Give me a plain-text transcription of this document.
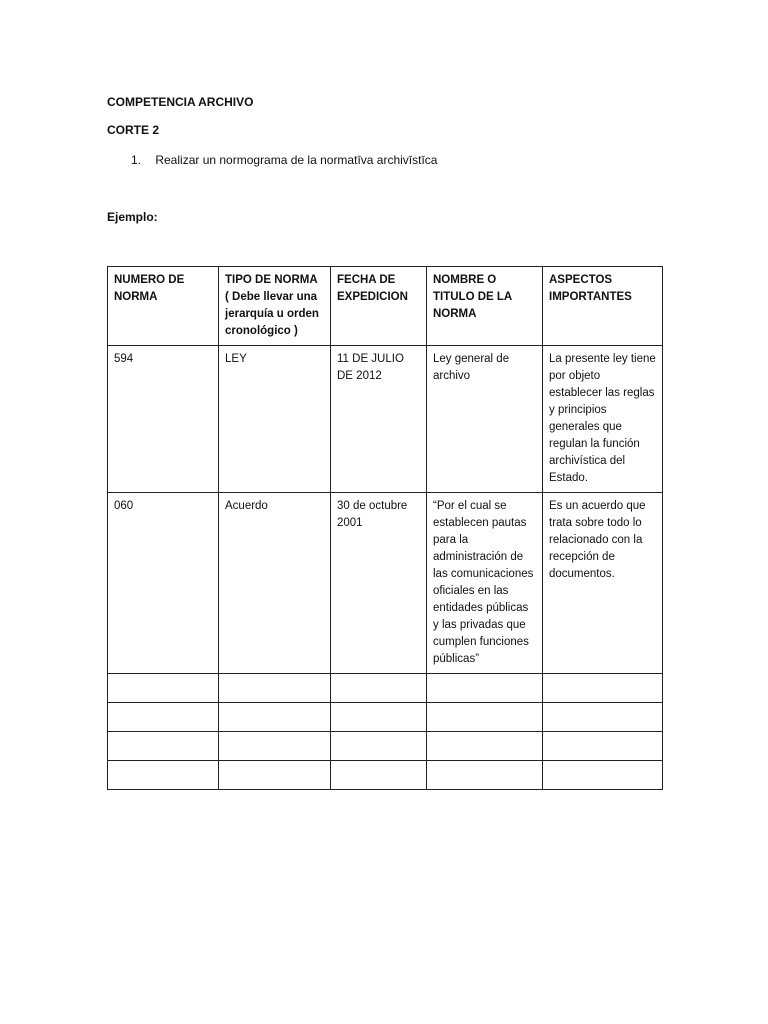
COMPETENCIA ARCHIVO
CORTE 2
1. Realizar un normograma de la normatīva archivīstīca
Ejemplo:
NUMERO DE NORMA	TIPO DE NORMA ( Debe llevar una jerarquía u orden cronológico )	FECHA DE EXPEDICION	NOMBRE O TITULO DE LA NORMA	ASPECTOS IMPORTANTES
594	LEY	11 DE JULIO DE 2012	Ley general de archivo	La presente ley tiene por objeto establecer las reglas y principios generales que regulan la función archivística del Estado.
060	Acuerdo	30 de octubre 2001	“Por el cual se establecen pautas para la administración de las comunicaciones oficiales en las entidades públicas y las privadas que cumplen funciones públicas”	Es un acuerdo que trata sobre todo lo relacionado con la recepción de documentos.
